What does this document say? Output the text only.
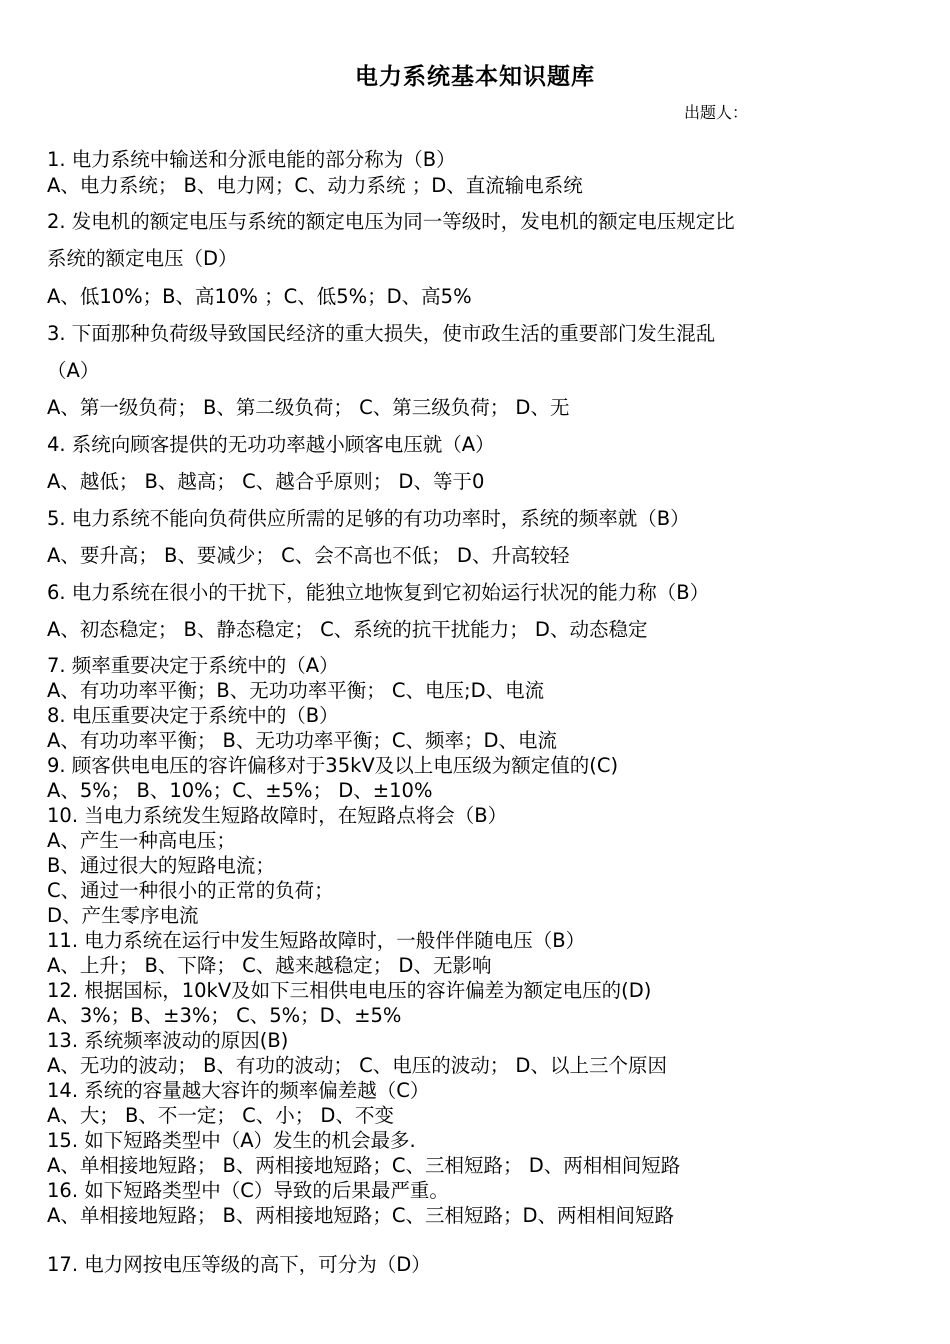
电力系统基本知识题库
出题人：
1. 电力系统中输送和分派电能的部分称为（B）
A、电力系统； B、电力网；C、动力系统 ；D、直流输电系统
2. 发电机的额定电压与系统的额定电压为同一等级时，发电机的额定电压规定比
系统的额定电压（D）
A、低10%；B、高10% ；C、低5%；D、高5%
3. 下面那种负荷级导致国民经济的重大损失，使市政生活的重要部门发生混乱
（A）
A、第一级负荷； B、第二级负荷； C、第三级负荷； D、无
4. 系统向顾客提供的无功功率越小顾客电压就（A）
A、越低； B、越高； C、越合乎原则； D、等于0
5. 电力系统不能向负荷供应所需的足够的有功功率时，系统的频率就（B）
A、要升高； B、要减少； C、会不高也不低； D、升高较轻
6. 电力系统在很小的干扰下，能独立地恢复到它初始运行状况的能力称（B）
A、初态稳定； B、静态稳定； C、系统的抗干扰能力； D、动态稳定
7. 频率重要决定于系统中的（A）
A、有功功率平衡；B、无功功率平衡； C、电压;D、电流
8. 电压重要决定于系统中的（B）
A、有功功率平衡； B、无功功率平衡；C、频率；D、电流
9. 顾客供电电压的容许偏移对于35kV及以上电压级为额定值的(C)
A、5%； B、10%；C、±5%； D、±10%
10. 当电力系统发生短路故障时，在短路点将会（B）
A、产生一种高电压；
B、通过很大的短路电流；
C、通过一种很小的正常的负荷；
D、产生零序电流
11. 电力系统在运行中发生短路故障时，一般伴伴随电压（B）
A、上升； B、下降； C、越来越稳定； D、无影响
12. 根据国标，10kV及如下三相供电电压的容许偏差为额定电压的(D)
A、3%；B、±3%； C、5%；D、±5%
13. 系统频率波动的原因(B)
A、无功的波动； B、有功的波动； C、电压的波动； D、以上三个原因
14. 系统的容量越大容许的频率偏差越（C）
A、大； B、不一定； C、小； D、不变
15. 如下短路类型中（A）发生的机会最多.
A、单相接地短路； B、两相接地短路；C、三相短路； D、两相相间短路
16. 如下短路类型中（C）导致的后果最严重。
A、单相接地短路； B、两相接地短路；C、三相短路；D、两相相间短路
17. 电力网按电压等级的高下，可分为（D）
